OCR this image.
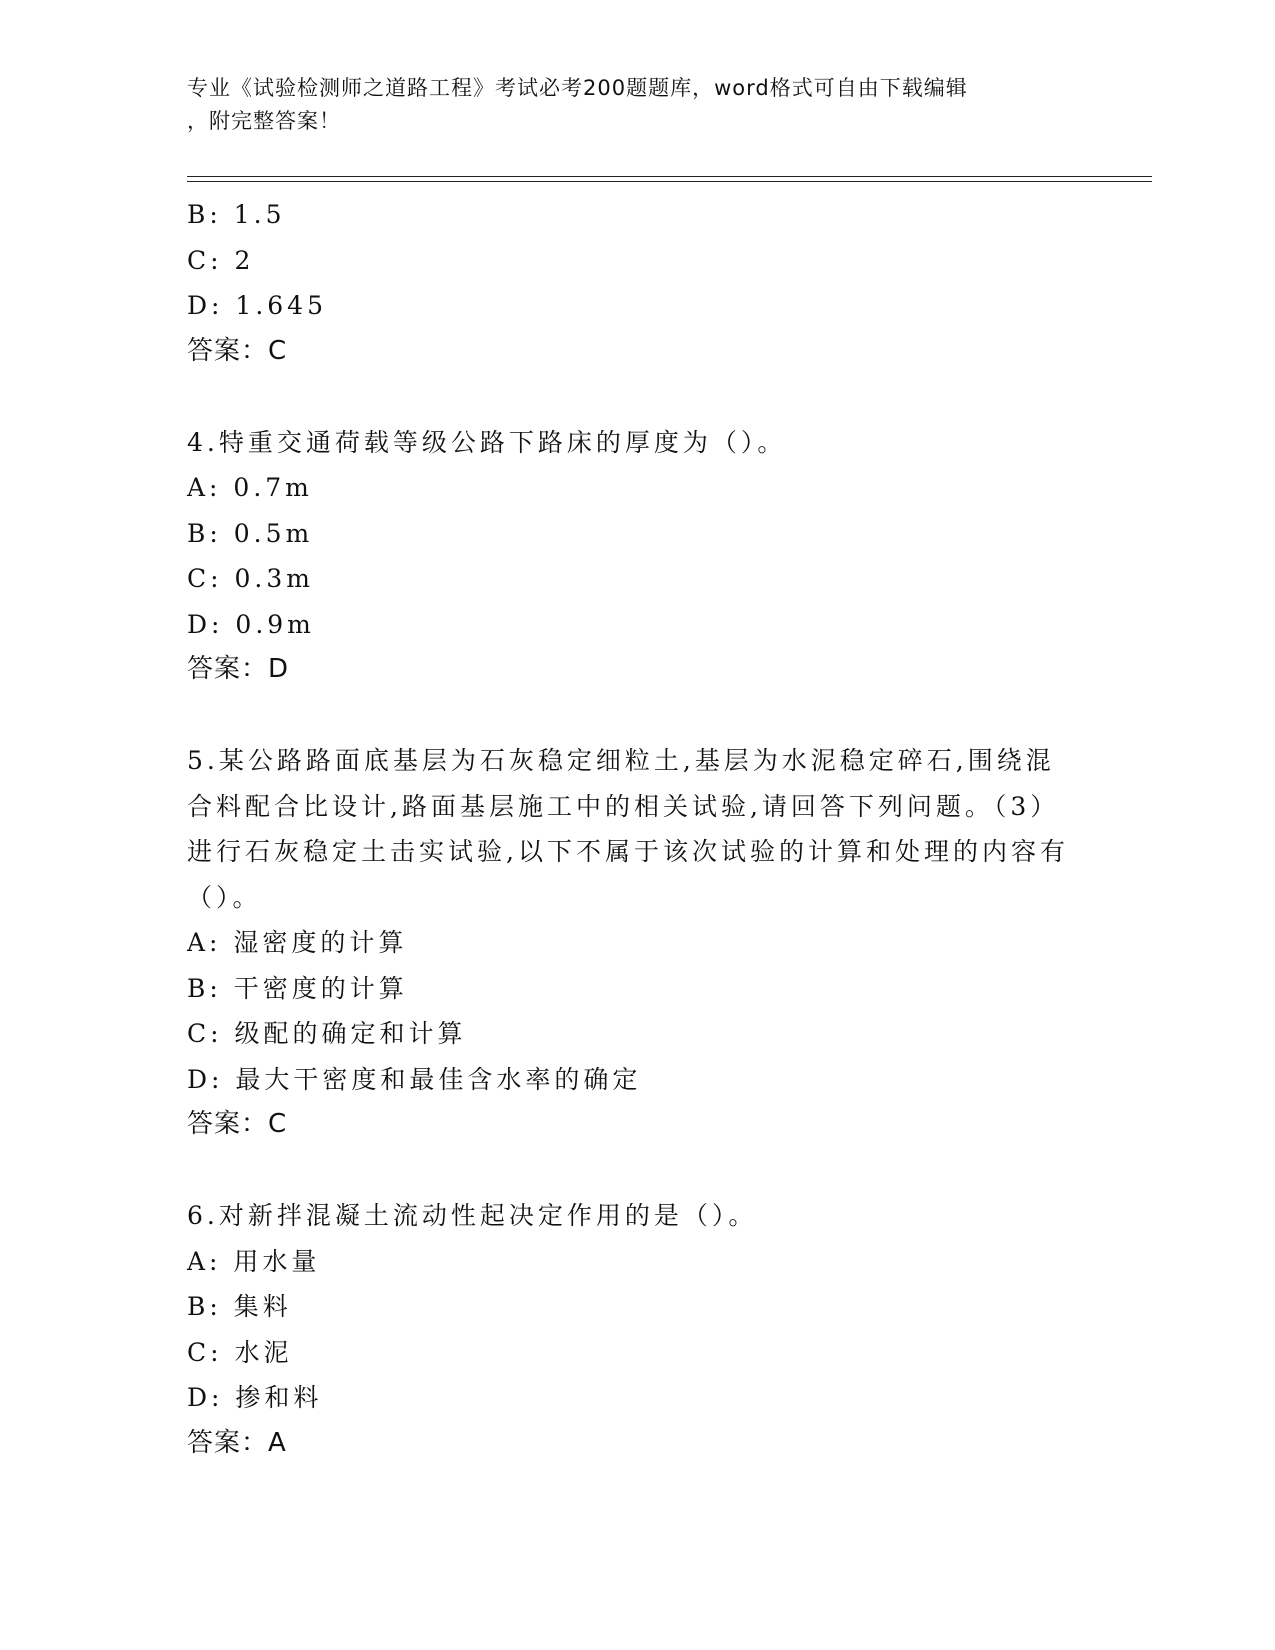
专业《试验检测师之道路工程》考试必考200题题库，word格式可自由下载编辑
，附完整答案！
B: 1.5
C: 2
D: 1.645
答案：C
4.特重交通荷载等级公路下路床的厚度为（）。
A: 0.7m
B: 0.5m
C: 0.3m
D: 0.9m
答案：D
5.某公路路面底基层为石灰稳定细粒土,基层为水泥稳定碎石,围绕混
合料配合比设计,路面基层施工中的相关试验,请回答下列问题。（3）
进行石灰稳定土击实试验,以下不属于该次试验的计算和处理的内容有
（）。
A: 湿密度的计算
B: 干密度的计算
C: 级配的确定和计算
D: 最大干密度和最佳含水率的确定
答案：C
6.对新拌混凝土流动性起决定作用的是（）。
A: 用水量
B: 集料
C: 水泥
D: 掺和料
答案：A
